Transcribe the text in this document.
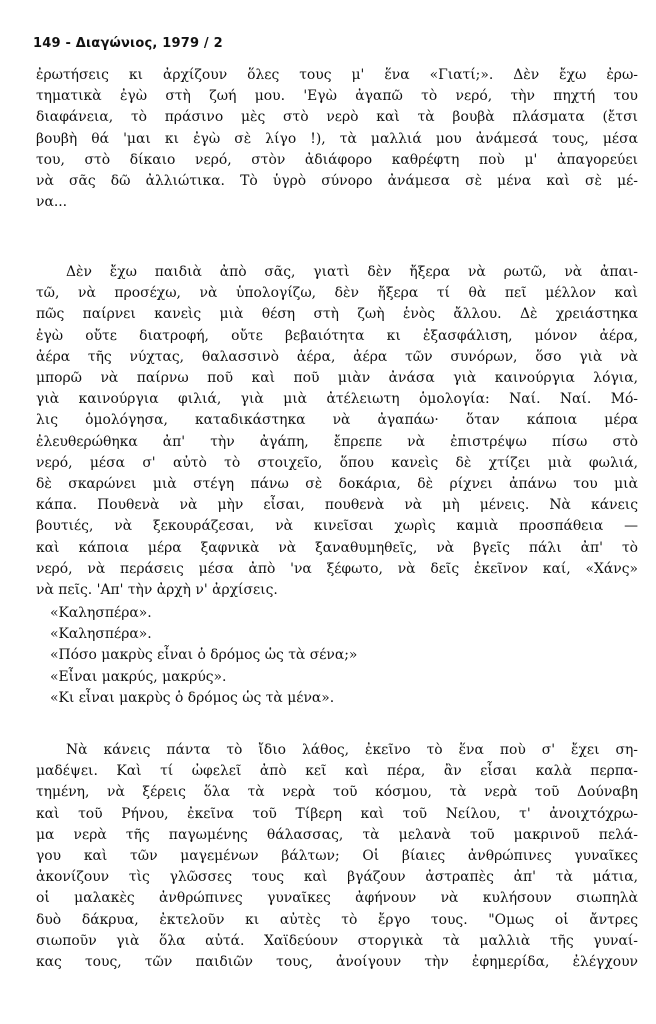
149 - Διαγώνιος, 1979 / 2
ἐρωτήσεις κι ἀρχίζουν ὅλες τους μ' ἕνα «Γιατί;». Δὲν ἔχω ἐρω-
τηματικὰ ἐγὼ στὴ ζωή μου. 'Εγὼ ἀγαπῶ τὸ νερό, τὴν πηχτή του
διαφάνεια, τὸ πράσινο μὲς στὸ νερὸ καὶ τὰ βουβὰ πλάσματα (ἔτσι
βουβὴ θά 'μαι κι ἐγὼ σὲ λίγο !), τὰ μαλλιά μου ἀνάμεσά τους, μέσα
του, στὸ δίκαιο νερό, στὸν ἀδιάφορο καθρέφτη ποὺ μ' ἀπαγορεύει
νὰ σᾶς δῶ ἀλλιώτικα. Τὸ ὑγρὸ σύνορο ἀνάμεσα σὲ μένα καὶ σὲ μέ-
να...
Δὲν ἔχω παιδιὰ ἀπὸ σᾶς, γιατὶ δὲν ἤξερα νὰ ρωτῶ, νὰ ἀπαι-
τῶ, νὰ προσέχω, νὰ ὑπολογίζω, δὲν ἤξερα τί θὰ πεῖ μέλλον καὶ
πῶς παίρνει κανεὶς μιὰ θέση στὴ ζωὴ ἑνὸς ἄλλου. Δὲ χρειάστηκα
ἐγὼ οὔτε διατροφή, οὔτε βεβαιότητα κι ἐξασφάλιση, μόνον ἀέρα,
ἀέρα τῆς νύχτας, θαλασσινὸ ἀέρα, ἀέρα τῶν συνόρων, ὅσο γιὰ νὰ
μπορῶ νὰ παίρνω ποῦ καὶ ποῦ μιὰν ἀνάσα γιὰ καινούργια λόγια,
γιὰ καινούργια φιλιά, γιὰ μιὰ ἀτέλειωτη ὁμολογία: Ναί. Ναί. Μό-
λις ὁμολόγησα, καταδικάστηκα νὰ ἀγαπάω· ὅταν κάποια μέρα
ἐλευθερώθηκα ἀπ' τὴν ἀγάπη, ἔπρεπε νὰ ἐπιστρέψω πίσω στὸ
νερό, μέσα σ' αὐτὸ τὸ στοιχεῖο, ὅπου κανεὶς δὲ χτίζει μιὰ φωλιά,
δὲ σκαρώνει μιὰ στέγη πάνω σὲ δοκάρια, δὲ ρίχνει ἀπάνω του μιὰ
κάπα. Πουθενὰ νὰ μὴν εἶσαι, πουθενὰ νὰ μὴ μένεις. Νὰ κάνεις
βουτιές, νὰ ξεκουράζεσαι, νὰ κινεῖσαι χωρὶς καμιὰ προσπάθεια —
καὶ κάποια μέρα ξαφνικὰ νὰ ξαναθυμηθεῖς, νὰ βγεῖς πάλι ἀπ' τὸ
νερό, νὰ περάσεις μέσα ἀπὸ 'να ξέφωτο, νὰ δεῖς ἐκεῖνον καί, «Χάνς»
νὰ πεῖς. 'Απ' τὴν ἀρχὴ ν' ἀρχίσεις.
«Καλησπέρα».
«Καλησπέρα».
«Πόσο μακρὺς εἶναι ὁ δρόμος ὡς τὰ σένα;»
«Εἶναι μακρύς, μακρύς».
«Κι εἶναι μακρὺς ὁ δρόμος ὡς τὰ μένα».
Νὰ κάνεις πάντα τὸ ἴδιο λάθος, ἐκεῖνο τὸ ἕνα ποὺ σ' ἔχει ση-
μαδέψει. Καὶ τί ὠφελεῖ ἀπὸ κεῖ καὶ πέρα, ἂν εἶσαι καλὰ περπα-
τημένη, νὰ ξέρεις ὅλα τὰ νερὰ τοῦ κόσμου, τὰ νερὰ τοῦ Δούναβη
καὶ τοῦ Ρήνου, ἐκεῖνα τοῦ Τίβερη καὶ τοῦ Νείλου, τ' ἀνοιχτόχρω-
μα νερὰ τῆς παγωμένης θάλασσας, τὰ μελανὰ τοῦ μακρινοῦ πελά-
γου καὶ τῶν μαγεμένων βάλτων; Οἱ βίαιες ἀνθρώπινες γυναῖκες
ἀκονίζουν τὶς γλῶσσες τους καὶ βγάζουν ἀστραπὲς ἀπ' τὰ μάτια,
οἱ μαλακὲς ἀνθρώπινες γυναῖκες ἀφήνουν νὰ κυλήσουν σιωπηλὰ
δυὸ δάκρυα, ἐκτελοῦν κι αὐτὲς τὸ ἔργο τους. "Ομως οἱ ἄντρες
σιωποῦν γιὰ ὅλα αὐτά. Χαϊδεύουν στοργικὰ τὰ μαλλιὰ τῆς γυναί-
κας τους, τῶν παιδιῶν τους, ἀνοίγουν τὴν ἐφημερίδα, ἐλέγχουν
